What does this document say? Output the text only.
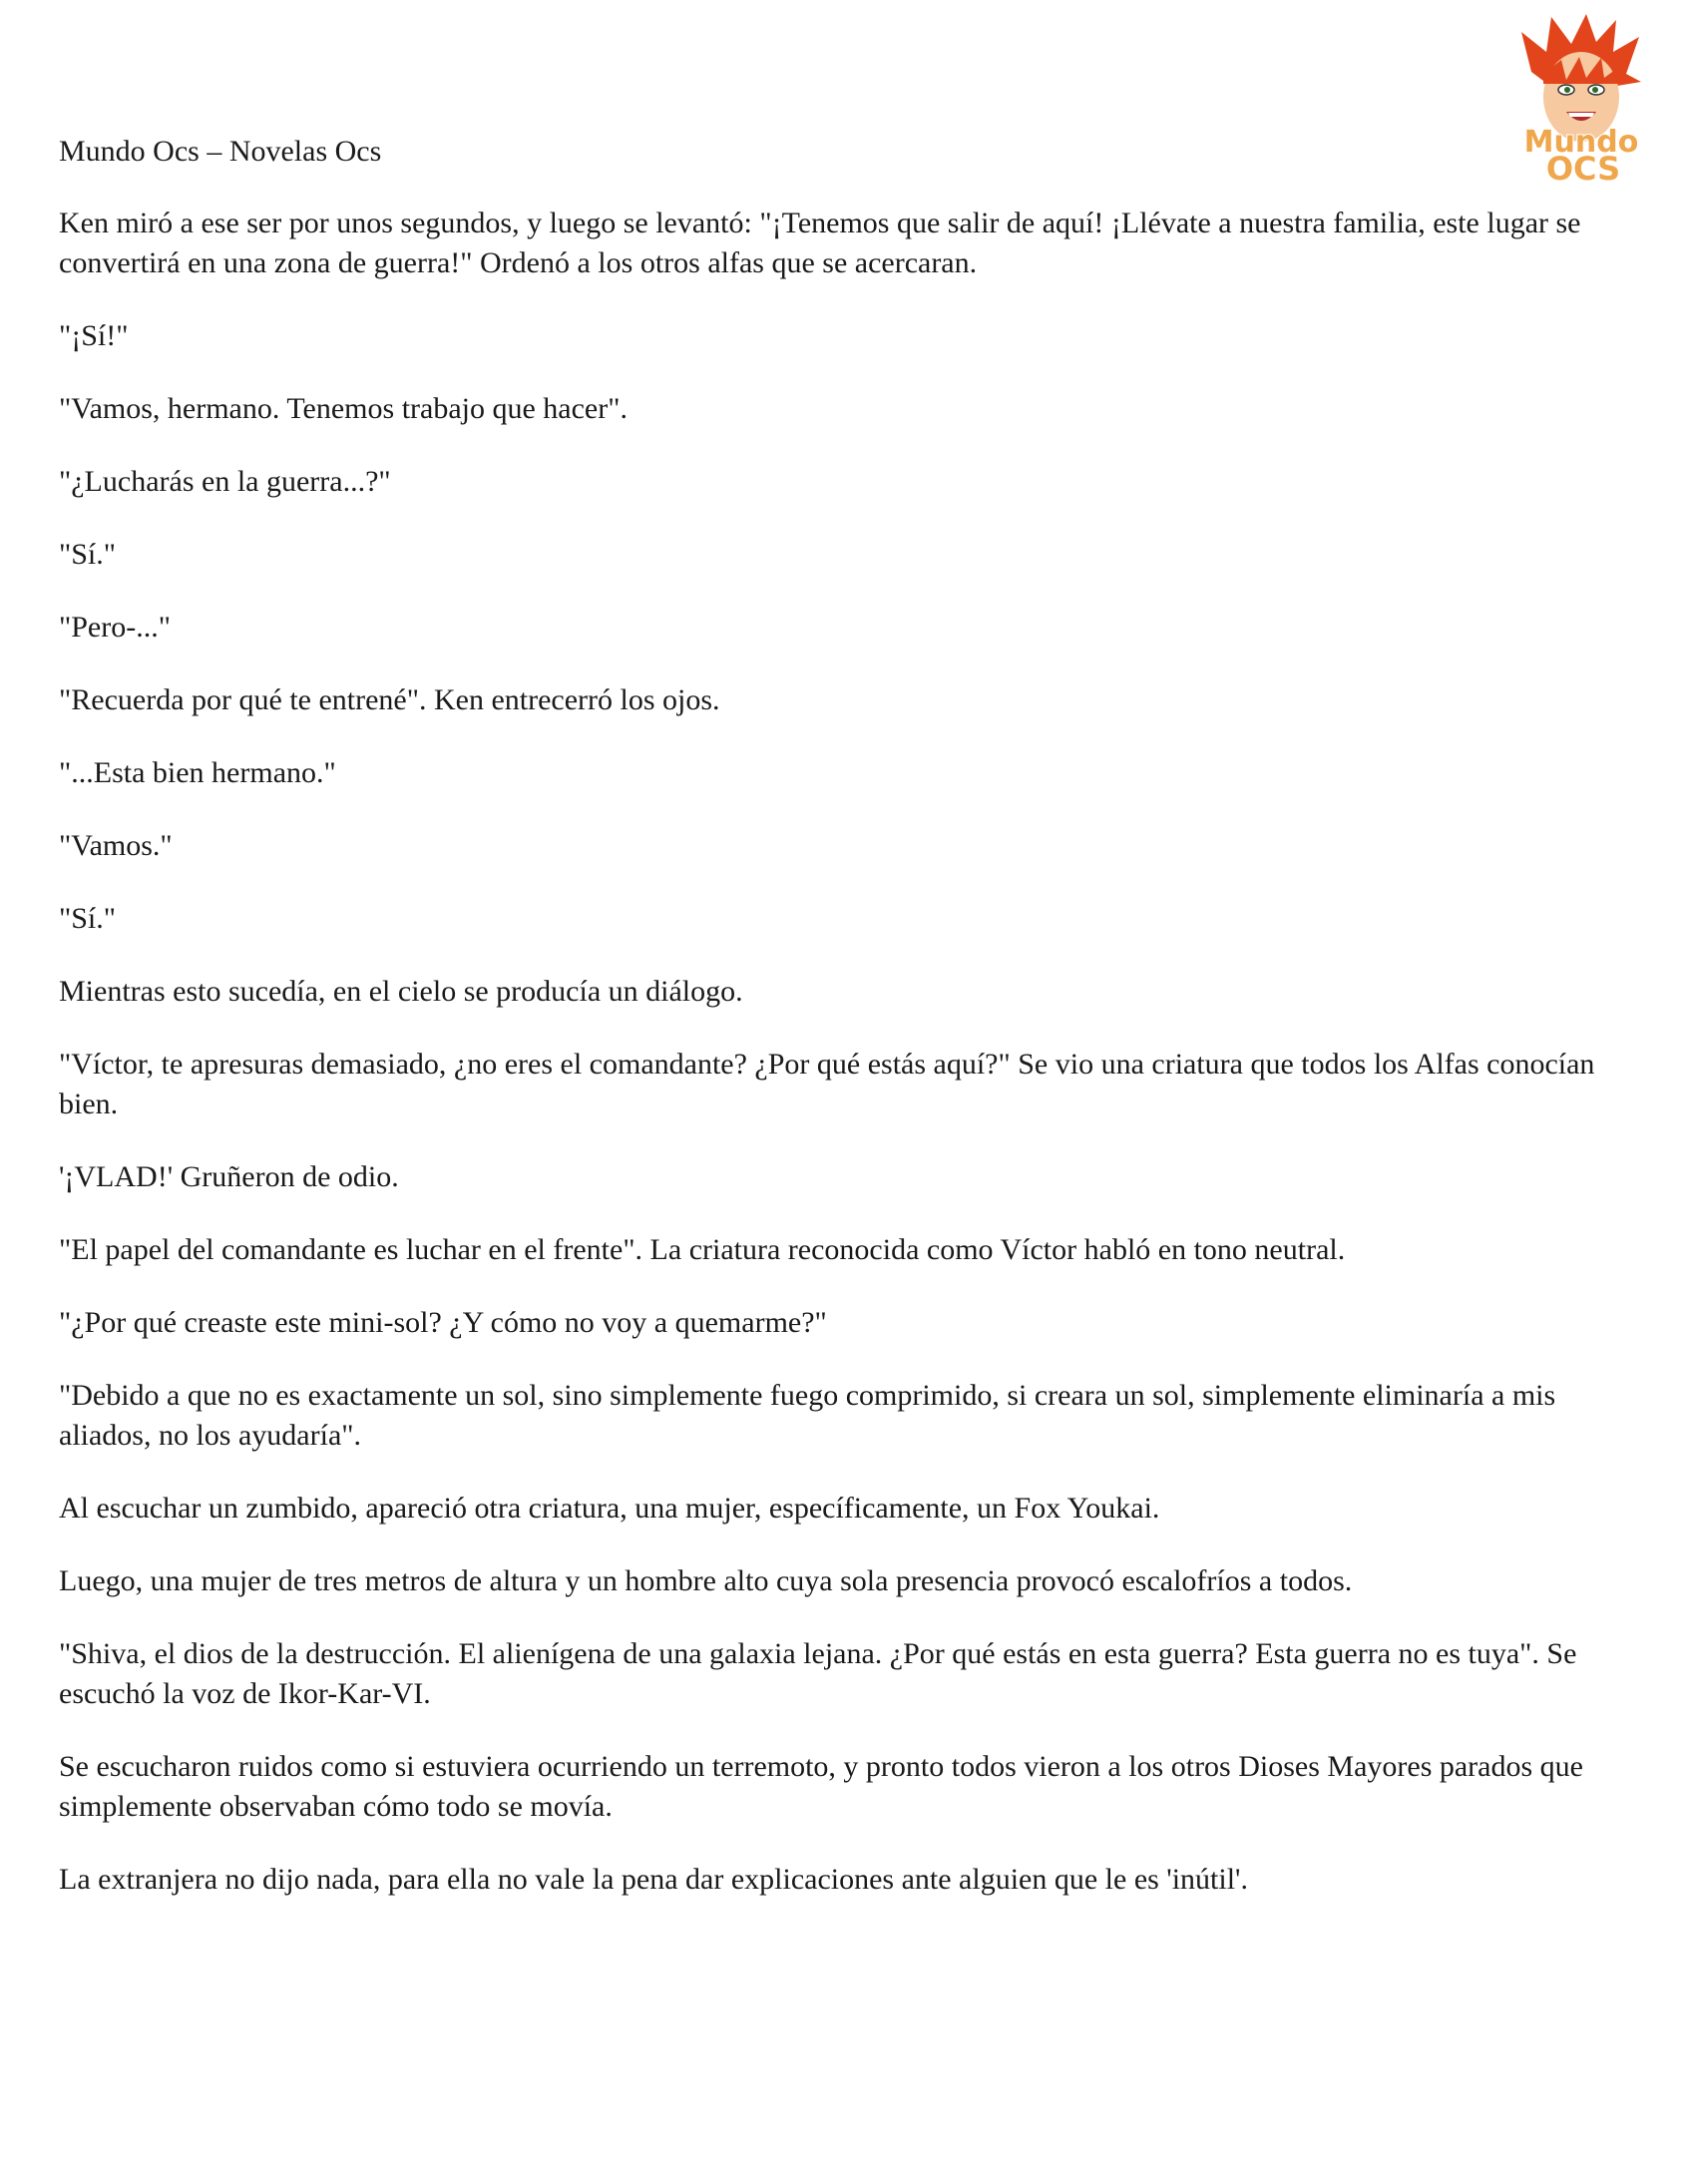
Mundo
OCS

Mundo Ocs – Novelas Ocs

Ken miró a ese ser por unos segundos, y luego se levantó: "¡Tenemos que salir de aquí! ¡Llévate a nuestra familia, este lugar se convertirá en una zona de guerra!" Ordenó a los otros alfas que se acercaran.

"¡Sí!"

"Vamos, hermano. Tenemos trabajo que hacer".

"¿Lucharás en la guerra...?"

"Sí."

"Pero-..."

"Recuerda por qué te entrené". Ken entrecerró los ojos.

"...Esta bien hermano."

"Vamos."

"Sí."

Mientras esto sucedía, en el cielo se producía un diálogo.

"Víctor, te apresuras demasiado, ¿no eres el comandante? ¿Por qué estás aquí?" Se vio una criatura que todos los Alfas conocían bien.

'¡VLAD!' Gruñeron de odio.

"El papel del comandante es luchar en el frente". La criatura reconocida como Víctor habló en tono neutral.

"¿Por qué creaste este mini-sol? ¿Y cómo no voy a quemarme?"

"Debido a que no es exactamente un sol, sino simplemente fuego comprimido, si creara un sol, simplemente eliminaría a mis aliados, no los ayudaría".

Al escuchar un zumbido, apareció otra criatura, una mujer, específicamente, un Fox Youkai.

Luego, una mujer de tres metros de altura y un hombre alto cuya sola presencia provocó escalofríos a todos.

"Shiva, el dios de la destrucción. El alienígena de una galaxia lejana. ¿Por qué estás en esta guerra? Esta guerra no es tuya". Se escuchó la voz de Ikor-Kar-VI.

Se escucharon ruidos como si estuviera ocurriendo un terremoto, y pronto todos vieron a los otros Dioses Mayores parados que simplemente observaban cómo todo se movía.

La extranjera no dijo nada, para ella no vale la pena dar explicaciones ante alguien que le es 'inútil'.
